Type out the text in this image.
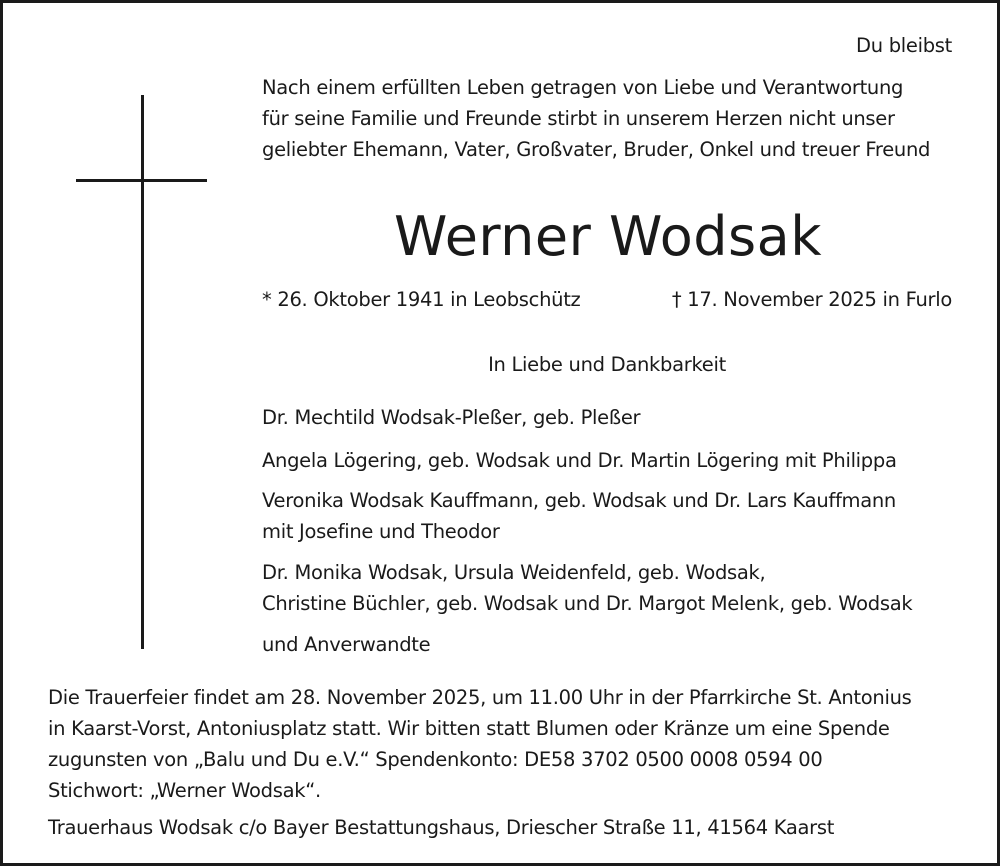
Du bleibst
Nach einem erfüllten Leben getragen von Liebe und Verantwortung
für seine Familie und Freunde stirbt in unserem Herzen nicht unser
geliebter Ehemann, Vater, Großvater, Bruder, Onkel und treuer Freund
Werner Wodsak
* 26. Oktober 1941 in Leobschütz	† 17. November 2025 in Furlo
In Liebe und Dankbarkeit
Dr. Mechtild Wodsak-Pleßer, geb. Pleßer
Angela Lögering, geb. Wodsak und Dr. Martin Lögering mit Philippa
Veronika Wodsak Kauffmann, geb. Wodsak und Dr. Lars Kauffmann
mit Josefine und Theodor
Dr. Monika Wodsak, Ursula Weidenfeld, geb. Wodsak,
Christine Büchler, geb. Wodsak und Dr. Margot Melenk, geb. Wodsak
und Anverwandte
Die Trauerfeier findet am 28. November 2025, um 11.00 Uhr in der Pfarrkirche St. Antonius
in Kaarst-Vorst, Antoniusplatz statt. Wir bitten statt Blumen oder Kränze um eine Spende
zugunsten von „Balu und Du e.V.“ Spendenkonto: DE58 3702 0500 0008 0594 00
Stichwort: „Werner Wodsak“.
Trauerhaus Wodsak c/o Bayer Bestattungshaus, Driescher Straße 11, 41564 Kaarst
